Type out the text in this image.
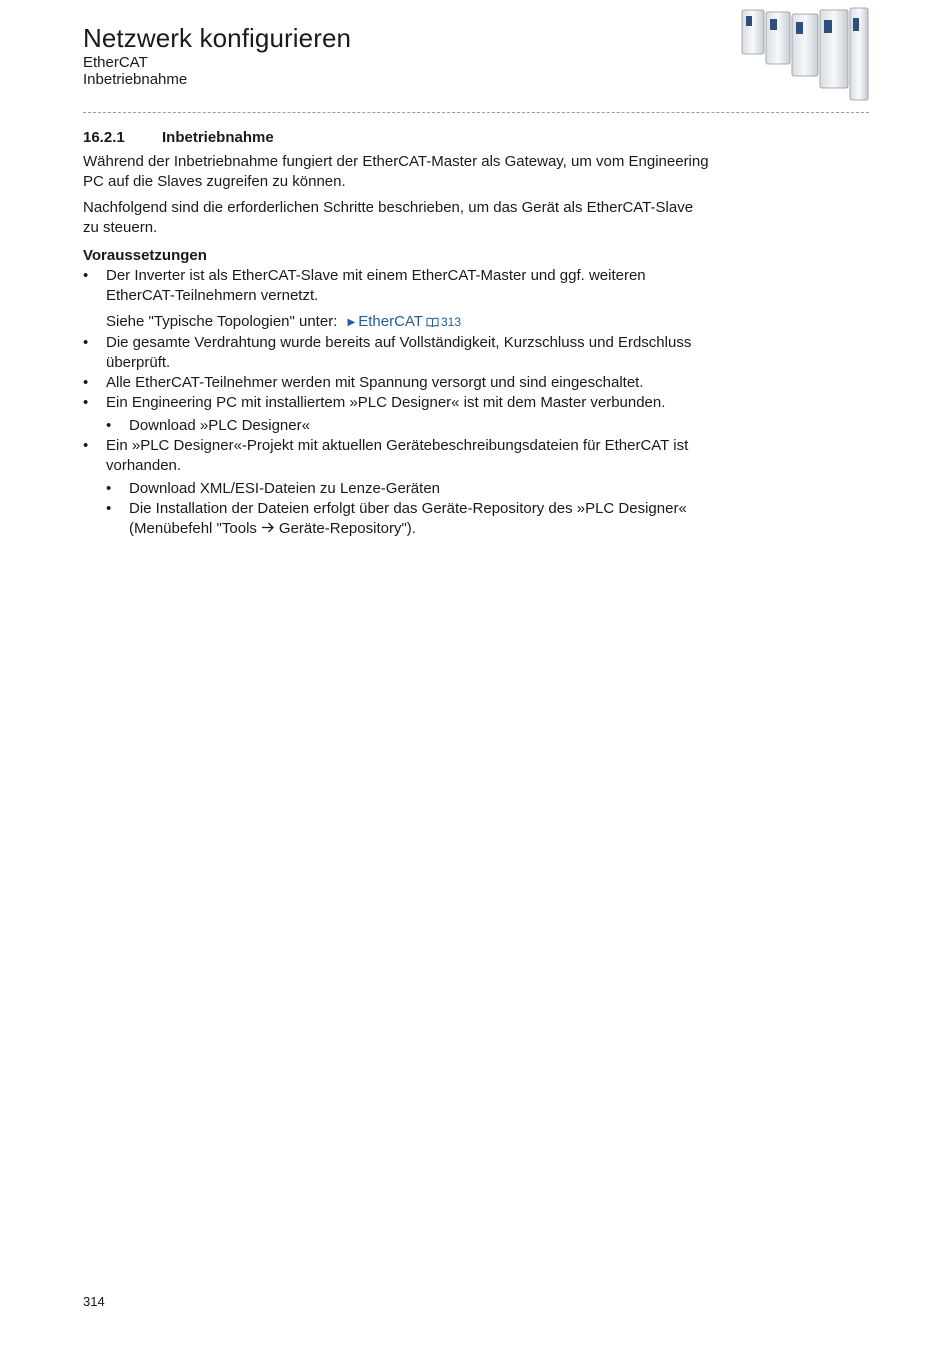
Netzwerk konfigurieren
EtherCAT
Inbetriebnahme
16.2.1	Inbetriebnahme

Während der Inbetriebnahme fungiert der EtherCAT-Master als Gateway, um vom Engineering PC auf die Slaves zugreifen zu können.

Nachfolgend sind die erforderlichen Schritte beschrieben, um das Gerät als EtherCAT-Slave zu steuern.

Voraussetzungen
• Der Inverter ist als EtherCAT-Slave mit einem EtherCAT-Master und ggf. weiteren EtherCAT-Teilnehmern vernetzt.
Siehe "Typische Topologien" unter: ▶ EtherCAT 313
• Die gesamte Verdrahtung wurde bereits auf Vollständigkeit, Kurzschluss und Erdschluss überprüft.
• Alle EtherCAT-Teilnehmer werden mit Spannung versorgt und sind eingeschaltet.
• Ein Engineering PC mit installiertem »PLC Designer« ist mit dem Master verbunden.
• Download »PLC Designer«
• Ein »PLC Designer«-Projekt mit aktuellen Gerätebeschreibungsdateien für EtherCAT ist vorhanden.
• Download XML/ESI-Dateien zu Lenze-Geräten
• Die Installation der Dateien erfolgt über das Geräte-Repository des »PLC Designer« (Menübefehl "Tools Geräte-Repository").
314
